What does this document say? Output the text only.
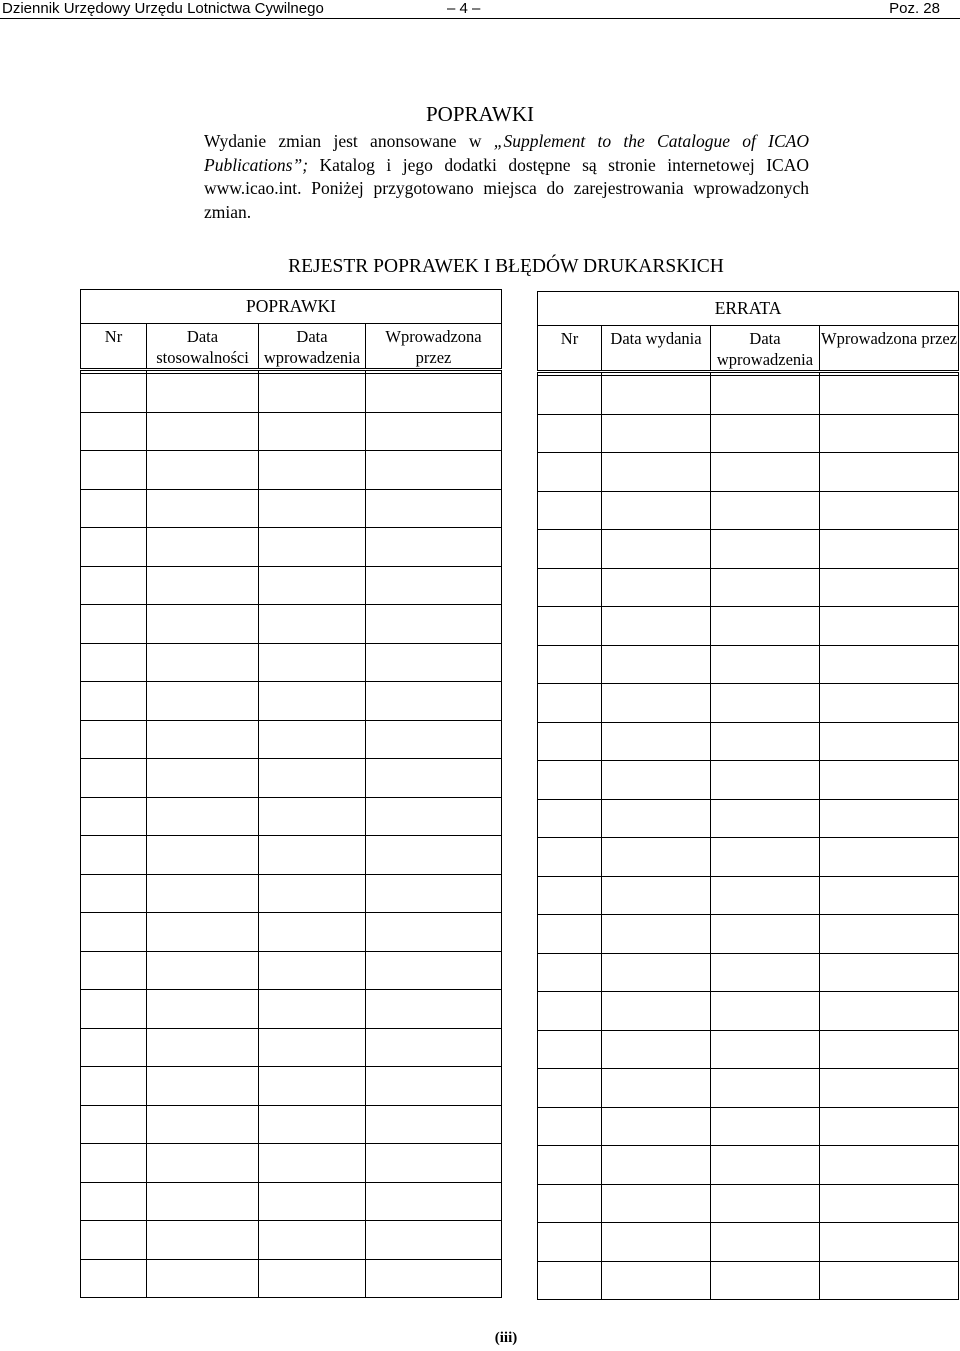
Dziennik Urzędowy Urzędu Lotnictwa Cywilnego	– 4 –	Poz. 28
POPRAWKI
Wydanie zmian jest anonsowane w „Supplement to the Catalogue of ICAO Publications”; Katalog i jego dodatki dostępne są stronie internetowej ICAO www.icao.int. Poniżej przygotowano miejsca do zarejestrowania wprowadzonych zmian.
REJESTR POPRAWEK I BŁĘDÓW DRUKARSKICH
POPRAWKI			
Nr	Data stosowalności	Data wprowadzenia	Wprowadzona przez

ERRATA			
Nr	Data wydania	Data wprowadzenia	Wprowadzona przez

(iii)
